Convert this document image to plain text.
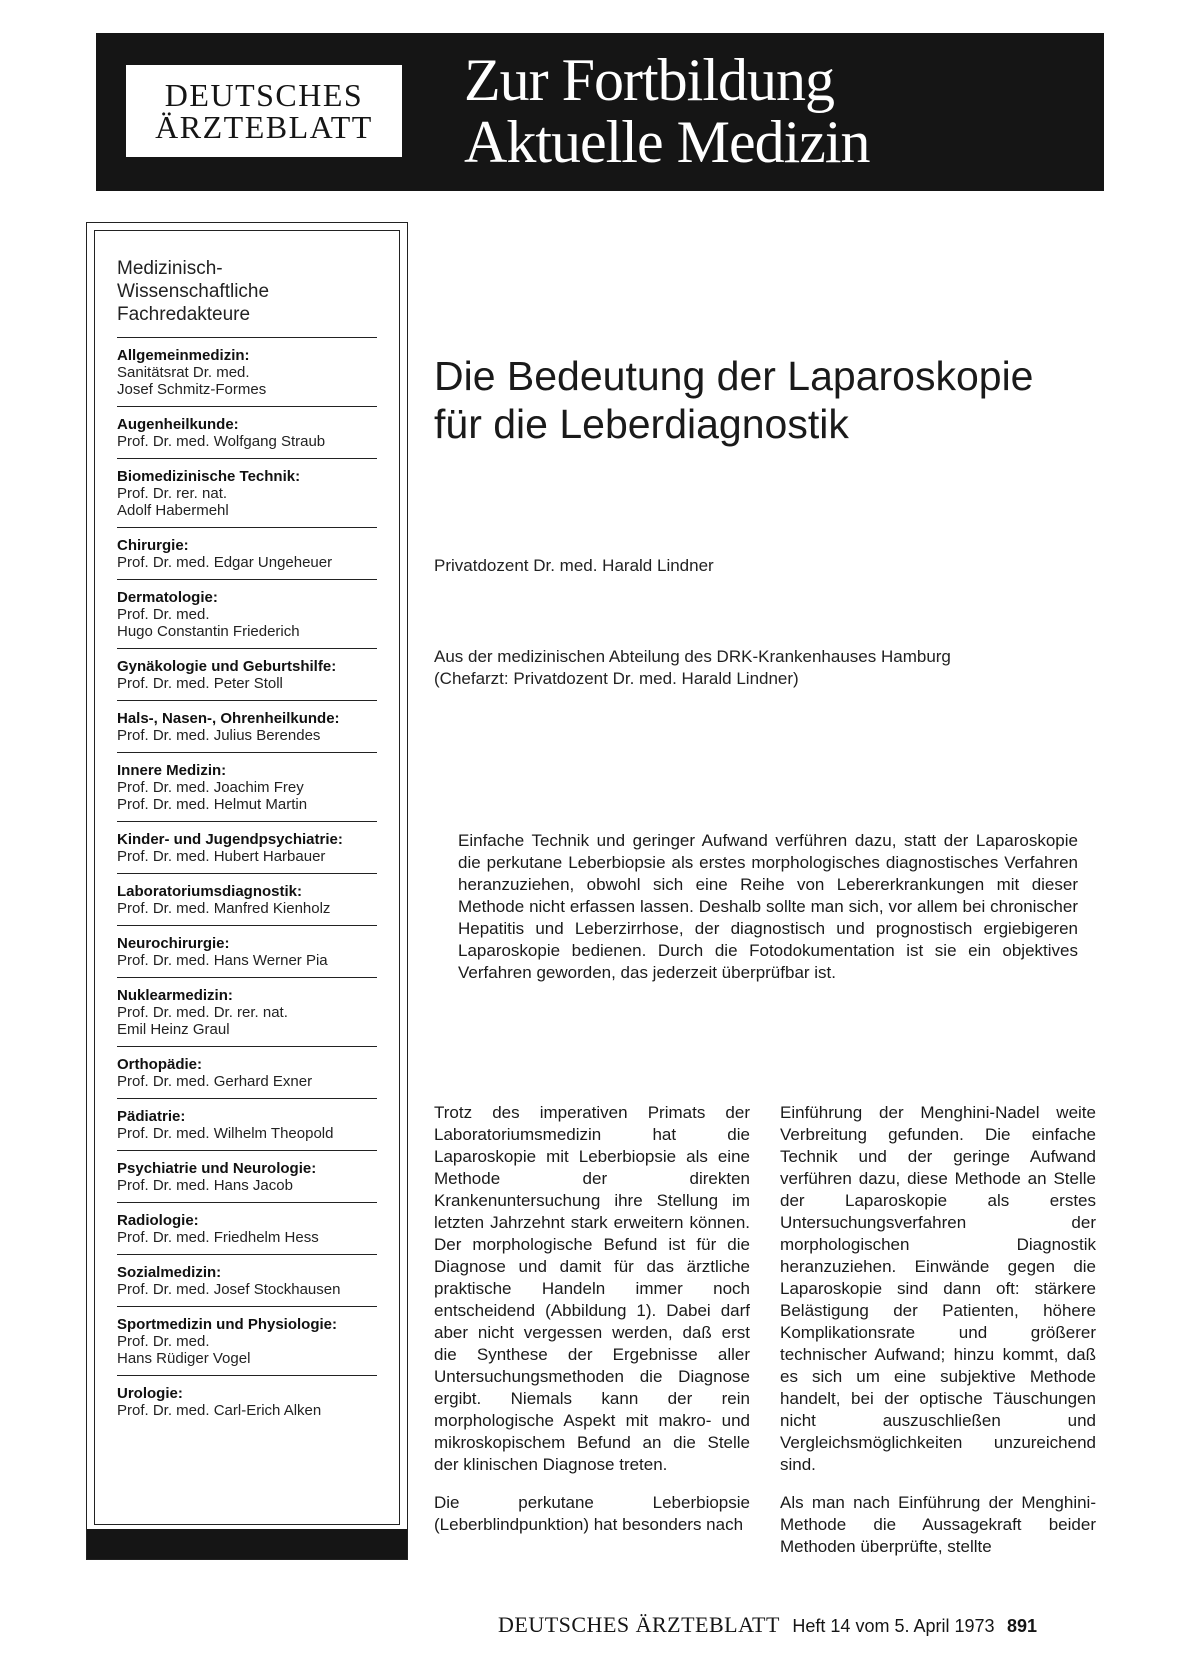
DEUTSCHES
ÄRZTEBLATT
Zur Fortbildung
Aktuelle Medizin
Medizinisch-
Wissenschaftliche
Fachredakteure
Allgemeinmedizin:
Sanitätsrat Dr. med.
Josef Schmitz-Formes
Augenheilkunde:
Prof. Dr. med. Wolfgang Straub
Biomedizinische Technik:
Prof. Dr. rer. nat.
Adolf Habermehl
Chirurgie:
Prof. Dr. med. Edgar Ungeheuer
Dermatologie:
Prof. Dr. med.
Hugo Constantin Friederich
Gynäkologie und Geburtshilfe:
Prof. Dr. med. Peter Stoll
Hals-, Nasen-, Ohrenheilkunde:
Prof. Dr. med. Julius Berendes
Innere Medizin:
Prof. Dr. med. Joachim Frey
Prof. Dr. med. Helmut Martin
Kinder- und Jugendpsychiatrie:
Prof. Dr. med. Hubert Harbauer
Laboratoriumsdiagnostik:
Prof. Dr. med. Manfred Kienholz
Neurochirurgie:
Prof. Dr. med. Hans Werner Pia
Nuklearmedizin:
Prof. Dr. med. Dr. rer. nat.
Emil Heinz Graul
Orthopädie:
Prof. Dr. med. Gerhard Exner
Pädiatrie:
Prof. Dr. med. Wilhelm Theopold
Psychiatrie und Neurologie:
Prof. Dr. med. Hans Jacob
Radiologie:
Prof. Dr. med. Friedhelm Hess
Sozialmedizin:
Prof. Dr. med. Josef Stockhausen
Sportmedizin und Physiologie:
Prof. Dr. med.
Hans Rüdiger Vogel
Urologie:
Prof. Dr. med. Carl-Erich Alken
Die Bedeutung der Laparoskopie
für die Leberdiagnostik
Privatdozent Dr. med. Harald Lindner
Aus der medizinischen Abteilung des DRK-Krankenhauses Hamburg
(Chefarzt: Privatdozent Dr. med. Harald Lindner)
Einfache Technik und geringer Aufwand verführen dazu, statt der Laparoskopie die perkutane Leberbiopsie als erstes morphologisches diagnostisches Verfahren heranzuziehen, obwohl sich eine Reihe von Lebererkrankungen mit dieser Methode nicht erfassen lassen. Deshalb sollte man sich, vor allem bei chronischer Hepatitis und Leberzirrhose, der diagnostisch und prognostisch ergiebigeren Laparoskopie bedienen. Durch die Fotodokumentation ist sie ein objektives Verfahren geworden, das jederzeit überprüfbar ist.

Trotz des imperativen Primats der Laboratoriumsmedizin hat die Laparoskopie mit Leberbiopsie als eine Methode der direkten Krankenuntersuchung ihre Stellung im letzten Jahrzehnt stark erweitern können. Der morphologische Befund ist für die Diagnose und damit für das ärztliche praktische Handeln immer noch entscheidend (Abbildung 1). Dabei darf aber nicht vergessen werden, daß erst die Synthese der Ergebnisse aller Untersuchungsmethoden die Diagnose ergibt. Niemals kann der rein morphologische Aspekt mit makro- und mikroskopischem Befund an die Stelle der klinischen Diagnose treten.

Die perkutane Leberbiopsie (Leberblindpunktion) hat besonders nach

Einführung der Menghini-Nadel weite Verbreitung gefunden. Die einfache Technik und der geringe Aufwand verführen dazu, diese Methode an Stelle der Laparoskopie als erstes Untersuchungsverfahren der morphologischen Diagnostik heranzuziehen. Einwände gegen die Laparoskopie sind dann oft: stärkere Belästigung der Patienten, höhere Komplikationsrate und größerer technischer Aufwand; hinzu kommt, daß es sich um eine subjektive Methode handelt, bei der optische Täuschungen nicht auszuschließen und Vergleichsmöglichkeiten unzureichend sind.

Als man nach Einführung der Menghini-Methode die Aussagekraft beider Methoden überprüfte, stellte

DEUTSCHES ÄRZTEBLATT Heft 14 vom 5. April 1973 891
